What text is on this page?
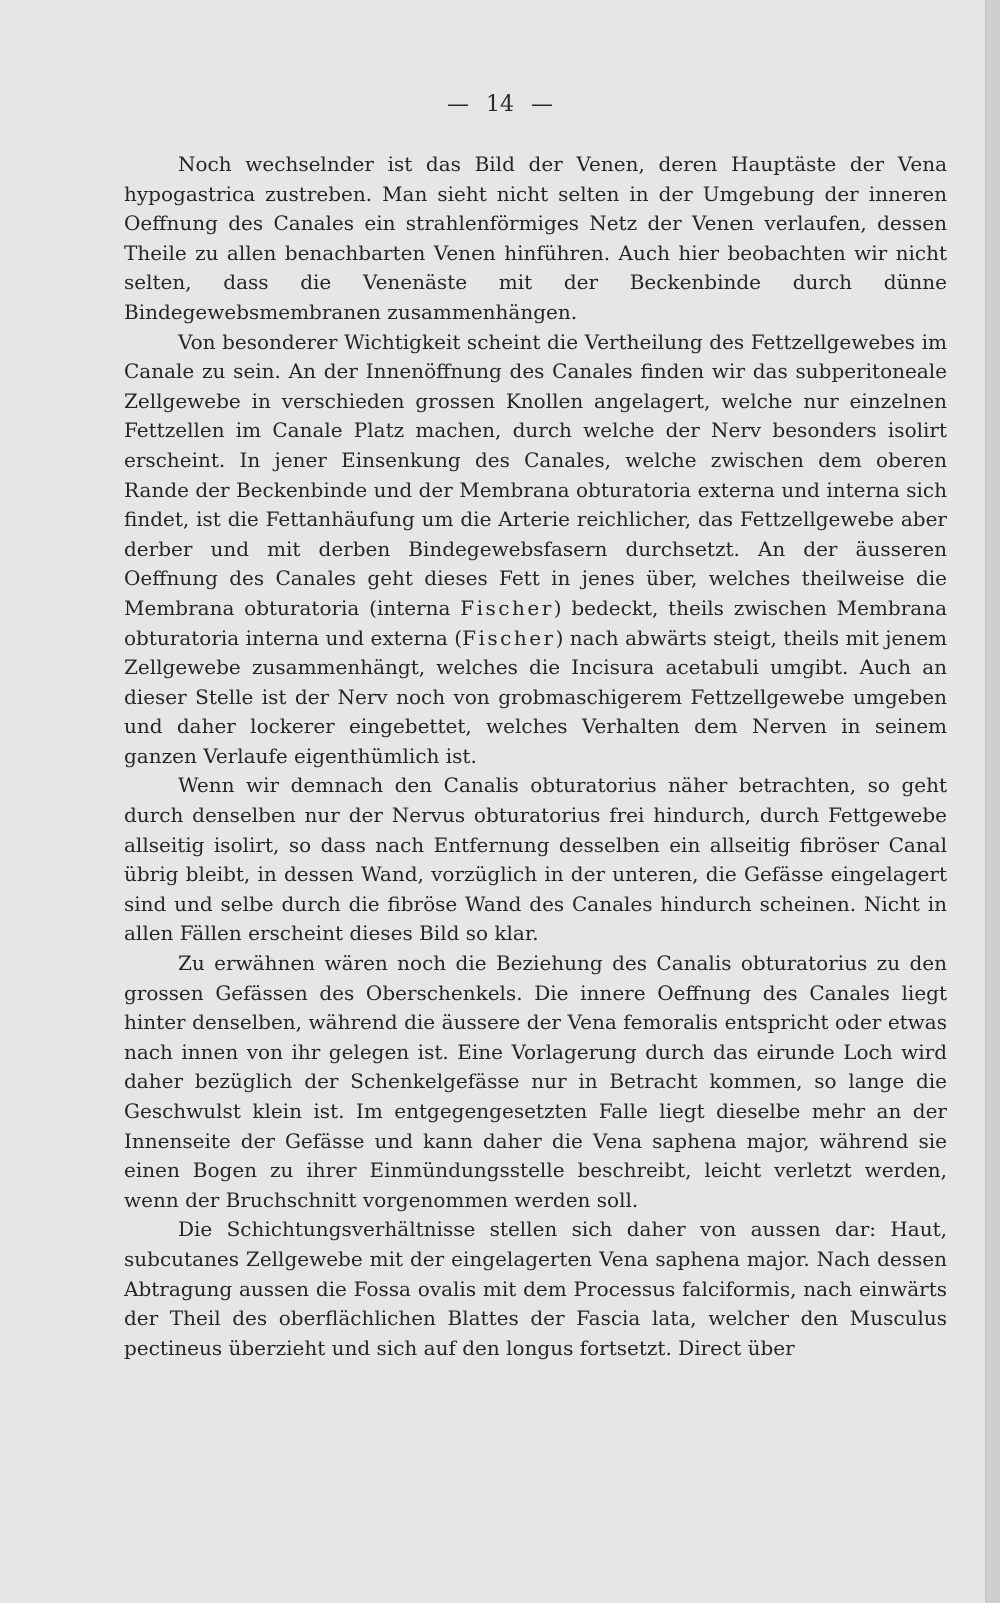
— 14 —

Noch wechselnder ist das Bild der Venen, deren Hauptäste der Vena hypogastrica zustreben. Man sieht nicht selten in der Umgebung der inneren Oeffnung des Canales ein strahlenförmiges Netz der Venen verlaufen, dessen Theile zu allen benachbarten Venen hinführen. Auch hier beobachten wir nicht selten, dass die Venenäste mit der Beckenbinde durch dünne Bindegewebsmembranen zusammenhängen.

Von besonderer Wichtigkeit scheint die Vertheilung des Fettzellgewebes im Canale zu sein. An der Innenöffnung des Canales finden wir das subperitoneale Zellgewebe in verschieden grossen Knollen angelagert, welche nur einzelnen Fettzellen im Canale Platz machen, durch welche der Nerv besonders isolirt erscheint. In jener Einsenkung des Canales, welche zwischen dem oberen Rande der Beckenbinde und der Membrana obturatoria externa und interna sich findet, ist die Fettanhäufung um die Arterie reichlicher, das Fettzellgewebe aber derber und mit derben Bindegewebsfasern durchsetzt. An der äusseren Oeffnung des Canales geht dieses Fett in jenes über, welches theilweise die Membrana obturatoria (interna Fischer) bedeckt, theils zwischen Membrana obturatoria interna und externa (Fischer) nach abwärts steigt, theils mit jenem Zellgewebe zusammenhängt, welches die Incisura acetabuli umgibt. Auch an dieser Stelle ist der Nerv noch von grobmaschigerem Fettzellgewebe umgeben und daher lockerer eingebettet, welches Verhalten dem Nerven in seinem ganzen Verlaufe eigenthümlich ist.

Wenn wir demnach den Canalis obturatorius näher betrachten, so geht durch denselben nur der Nervus obturatorius frei hindurch, durch Fettgewebe allseitig isolirt, so dass nach Entfernung desselben ein allseitig fibröser Canal übrig bleibt, in dessen Wand, vorzüglich in der unteren, die Gefässe eingelagert sind und selbe durch die fibröse Wand des Canales hindurch scheinen. Nicht in allen Fällen erscheint dieses Bild so klar.

Zu erwähnen wären noch die Beziehung des Canalis obturatorius zu den grossen Gefässen des Oberschenkels. Die innere Oeffnung des Canales liegt hinter denselben, während die äussere der Vena femoralis entspricht oder etwas nach innen von ihr gelegen ist. Eine Vorlagerung durch das eirunde Loch wird daher bezüglich der Schenkelgefässe nur in Betracht kommen, so lange die Geschwulst klein ist. Im entgegengesetzten Falle liegt dieselbe mehr an der Innenseite der Gefässe und kann daher die Vena saphena major, während sie einen Bogen zu ihrer Einmündungsstelle beschreibt, leicht verletzt werden, wenn der Bruchschnitt vorgenommen werden soll.

Die Schichtungsverhältnisse stellen sich daher von aussen dar: Haut, subcutanes Zellgewebe mit der eingelagerten Vena saphena major. Nach dessen Abtragung aussen die Fossa ovalis mit dem Processus falciformis, nach einwärts der Theil des oberflächlichen Blattes der Fascia lata, welcher den Musculus pectineus überzieht und sich auf den longus fortsetzt. Direct über
